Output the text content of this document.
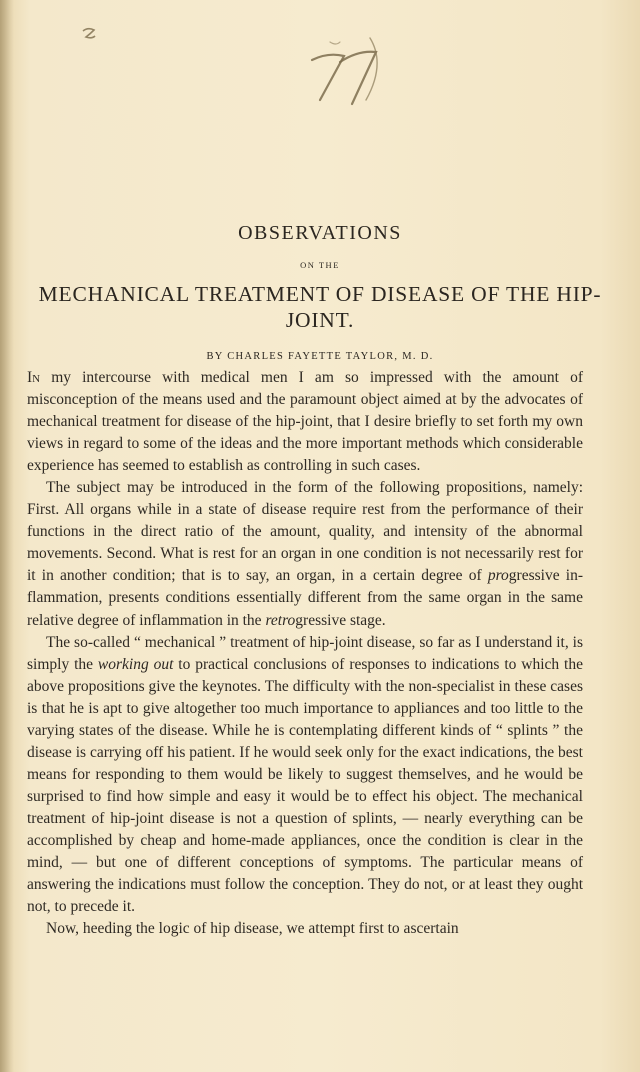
OBSERVATIONS
ON THE
MECHANICAL TREATMENT OF DISEASE OF THE HIP-JOINT.
BY CHARLES FAYETTE TAYLOR, M. D.

In my intercourse with medical men I am so impressed with the amount of misconception of the means used and the paramount object aimed at by the advocates of mechanical treatment for disease of the hip-joint, that I desire briefly to set forth my own views in regard to some of the ideas and the more important methods which considerable experience has seemed to establish as controlling in such cases.

The subject may be introduced in the form of the following propositions, namely: First. All organs while in a state of disease require rest from the performance of their functions in the direct ratio of the amount, quality, and intensity of the abnormal movements. Second. What is rest for an organ in one condition is not necessarily rest for it in another condition; that is to say, an organ, in a certain degree of progressive inflammation, presents conditions essentially different from the same organ in the same relative degree of inflammation in the retrogressive stage.

The so-called “ mechanical ” treatment of hip-joint disease, so far as I understand it, is simply the working out to practical conclusions of responses to indications to which the above propositions give the keynotes. The difficulty with the non-specialist in these cases is that he is apt to give altogether too much importance to appliances and too little to the varying states of the disease. While he is contemplating different kinds of “ splints ” the disease is carrying off his patient. If he would seek only for the exact indications, the best means for responding to them would be likely to suggest themselves, and he would be surprised to find how simple and easy it would be to effect his object. The mechanical treatment of hip-joint disease is not a question of splints, — nearly everything can be accomplished by cheap and home-made appliances, once the condition is clear in the mind, — but one of different conceptions of symptoms. The particular means of answering the indications must follow the conception. They do not, or at least they ought not, to precede it.

Now, heeding the logic of hip disease, we attempt first to ascertain
